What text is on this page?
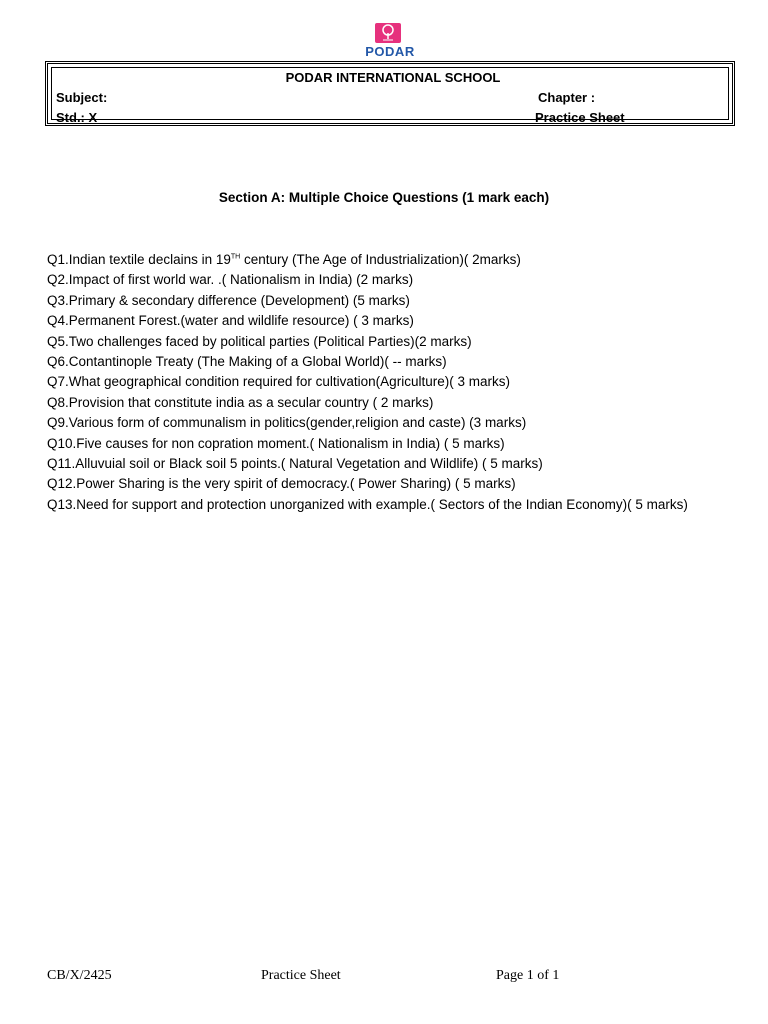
PODAR
PODAR INTERNATIONAL SCHOOL
Subject:	Chapter :
Std.: X	Practice Sheet
Section A: Multiple Choice Questions (1 mark each)

Q1.Indian textile declains in 19TH century (The Age of Industrialization)( 2marks)

Q2.Impact of first world war. .( Nationalism in India) (2 marks)

Q3.Primary & secondary difference (Development) (5 marks)

Q4.Permanent Forest.(water and wildlife resource) ( 3 marks)

Q5.Two challenges faced by political parties (Political Parties)(2 marks)

Q6.Contantinople Treaty (The Making of a Global World)( -- marks)

Q7.What geographical condition required for cultivation(Agriculture)( 3 marks)

Q8.Provision that constitute india as a secular country ( 2 marks)

Q9.Various form of communalism in politics(gender,religion and caste) (3 marks)

Q10.Five causes for non copration moment.( Nationalism in India) ( 5 marks)

Q11.Alluvuial soil or Black soil 5 points.( Natural Vegetation and Wildlife) ( 5 marks)

Q12.Power Sharing is the very spirit of democracy.( Power Sharing) ( 5 marks)

Q13.Need for support and protection unorganized with example.( Sectors of the Indian Economy)( 5 marks)

CB/X/2425	Practice Sheet	Page 1 of 1
